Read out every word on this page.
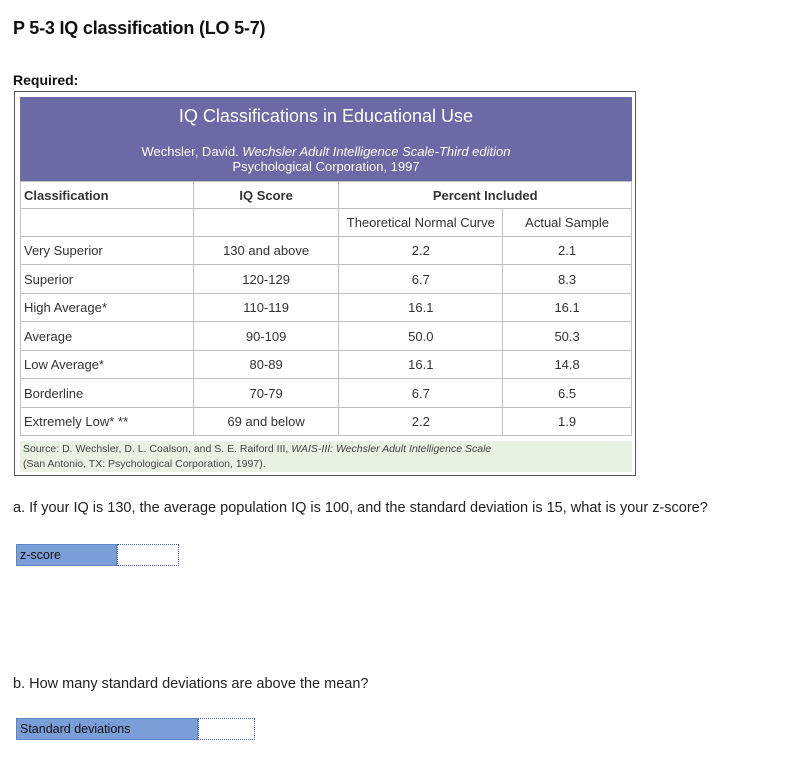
P 5-3 IQ classification (LO 5-7)
Required:
IQ Classifications in Educational Use
Wechsler, David. Wechsler Adult Intelligence Scale-Third edition
Psychological Corporation, 1997
Classification	IQ Score	Percent Included	
		Theoretical Normal Curve	Actual Sample
Very Superior	130 and above	2.2	2.1
Superior	120-129	6.7	8.3
High Average*	110-119	16.1	16.1
Average	90-109	50.0	50.3
Low Average*	80-89	16.1	14.8
Borderline	70-79	6.7	6.5
Extremely Low* **	69 and below	2.2	1.9
Source: D. Wechsler, D. L. Coalson, and S. E. Raiford III, WAIS-III: Wechsler Adult Intelligence Scale
(San Antonio, TX: Psychological Corporation, 1997).
a. If your IQ is 130, the average population IQ is 100, and the standard deviation is 15, what is your z-score?
z-score
b. How many standard deviations are above the mean?
Standard deviations
